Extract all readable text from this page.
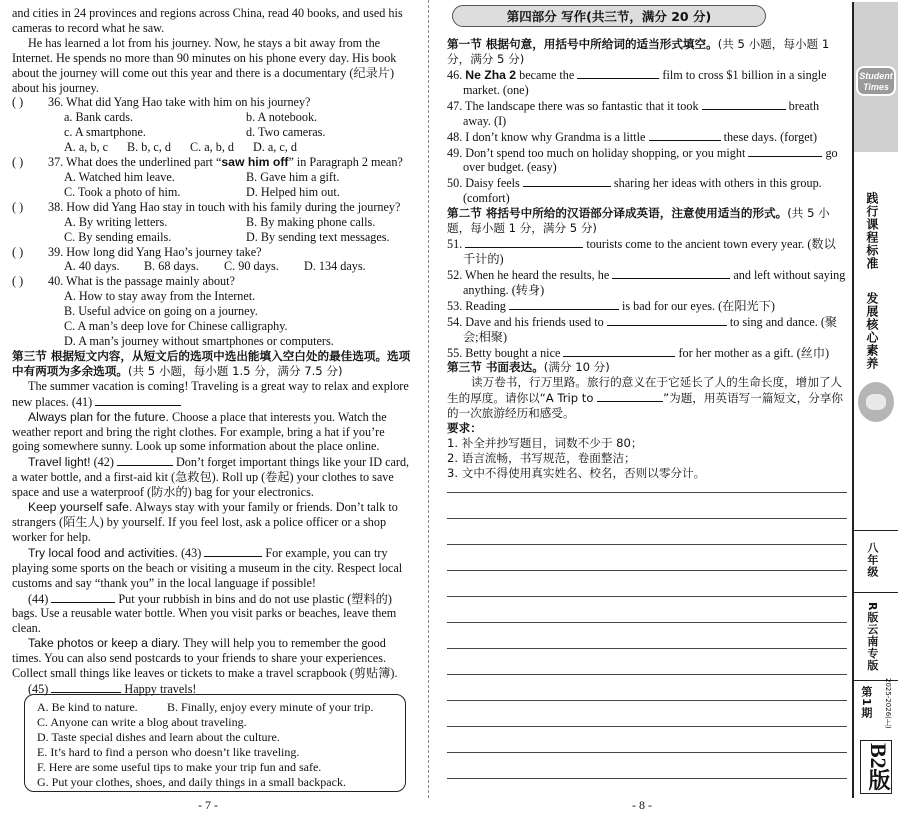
and cities in 24 provinces and regions across China, read 40 books, and used his cameras to record what he saw.

He has learned a lot from his journey. Now, he stays a bit away from the Internet. He spends no more than 90 minutes on his phone every day. His book about the journey will come out this year and there is a documentary (纪录片) about his journey.

( ) 36. What did Yang Hao take with him on his journey?
a. Bank cards.	b. A notebook.
c. A smartphone.	d. Two cameras.
A. a, b, c	B. b, c, d	C. a, b, d	D. a, c, d
( ) 37. What does the underlined part “saw him off” in Paragraph 2 mean?
A. Watched him leave.	B. Gave him a gift.
C. Took a photo of him.	D. Helped him out.
( ) 38. How did Yang Hao stay in touch with his family during the journey?
A. By writing letters.	B. By making phone calls.
C. By sending emails.	D. By sending text messages.
( ) 39. How long did Yang Hao’s journey take?
A. 40 days.	B. 68 days.	C. 90 days.	D. 134 days.
( ) 40. What is the passage mainly about?
A. How to stay away from the Internet.
B. Useful advice on going on a journey.
C. A man’s deep love for Chinese calligraphy.
D. A man’s journey without smartphones or computers.

第三节 根据短文内容，从短文后的选项中选出能填入空白处的最佳选项。选项中有两项为多余选项。(共 5 小题，每小题 1.5 分，满分 7.5 分)

The summer vacation is coming! Traveling is a great way to relax and explore new places. (41)

Always plan for the future. Choose a place that interests you. Watch the weather report and bring the right clothes. For example, bring a hat if you’re going somewhere sunny. Look up some information about the place online.

Travel light! (42)	Don’t forget important things like your ID card, a water bottle, and a first-aid kit (急救包). Roll up (卷起) your clothes to save space and use a waterproof (防水的) bag for your electronics.

Keep yourself safe. Always stay with your family or friends. Don’t talk to strangers (陌生人) by yourself. If you feel lost, ask a police officer or a shop worker for help.

Try local food and activities. (43)	For example, you can try playing some sports on the beach or visiting a museum in the city. Respect local customs and say “thank you” in the local language if possible!

(44)	Put your rubbish in bins and do not use plastic (塑料的) bags. Use a reusable water bottle. When you visit parks or beaches, leave them clean.

Take photos or keep a diary. They will help you to remember the good times. You can also send postcards to your friends to share your experiences. Collect small things like leaves or tickets to make a travel scrapbook (剪贴簿).

(45)	Happy travels!

A. Be kind to nature.	B. Finally, enjoy every minute of your trip.
C. Anyone can write a blog about traveling.
D. Taste special dishes and learn about the culture.
E. It’s hard to find a person who doesn’t like traveling.
F. Here are some useful tips to make your trip fun and safe.
G. Put your clothes, shoes, and daily things in a small backpack.
- 7 -
第四部分 写作(共三节，满分 20 分)

第一节 根据句意，用括号中所给词的适当形式填空。(共 5 小题，每小题 1 分，满分 5 分)

46. Ne Zha 2 became the	film to cross $1 billion in a single market. (one)

47. The landscape there was so fantastic that it took	breath away. (I)

48. I don’t know why Grandma is a little	these days. (forget)

49. Don’t spend too much on holiday shopping, or you might	go over budget. (easy)

50. Daisy feels	sharing her ideas with others in this group. (comfort)

第二节 将括号中所给的汉语部分译成英语，注意使用适当的形式。(共 5 小题，每小题 1 分，满分 5 分)

51.	tourists come to the ancient town every year. (数以千计的)

52. When he heard the results, he	and left without saying anything. (转身)

53. Reading	is bad for our eyes. (在阳光下)

54. Dave and his friends used to	to sing and dance. (聚会;相聚)

55. Betty bought a nice	for her mother as a gift. (丝巾)

第三节 书面表达。(满分 10 分)

读万卷书，行万里路。旅行的意义在于它延长了人的生命长度，增加了人生的厚度。请你以“A Trip to	”为题，用英语写一篇短文，分享你的一次旅游经历和感受。

要求：

1. 补全并抄写题目，词数不少于 80；

2. 语言流畅，书写规范，卷面整洁；

3. 文中不得使用真实姓名、校名，否则以零分计。

- 8 -
Student Times
践行课程标准
发展核心素养
八年级
R版云南专版
第1期	2025-2026(上)
B2版
